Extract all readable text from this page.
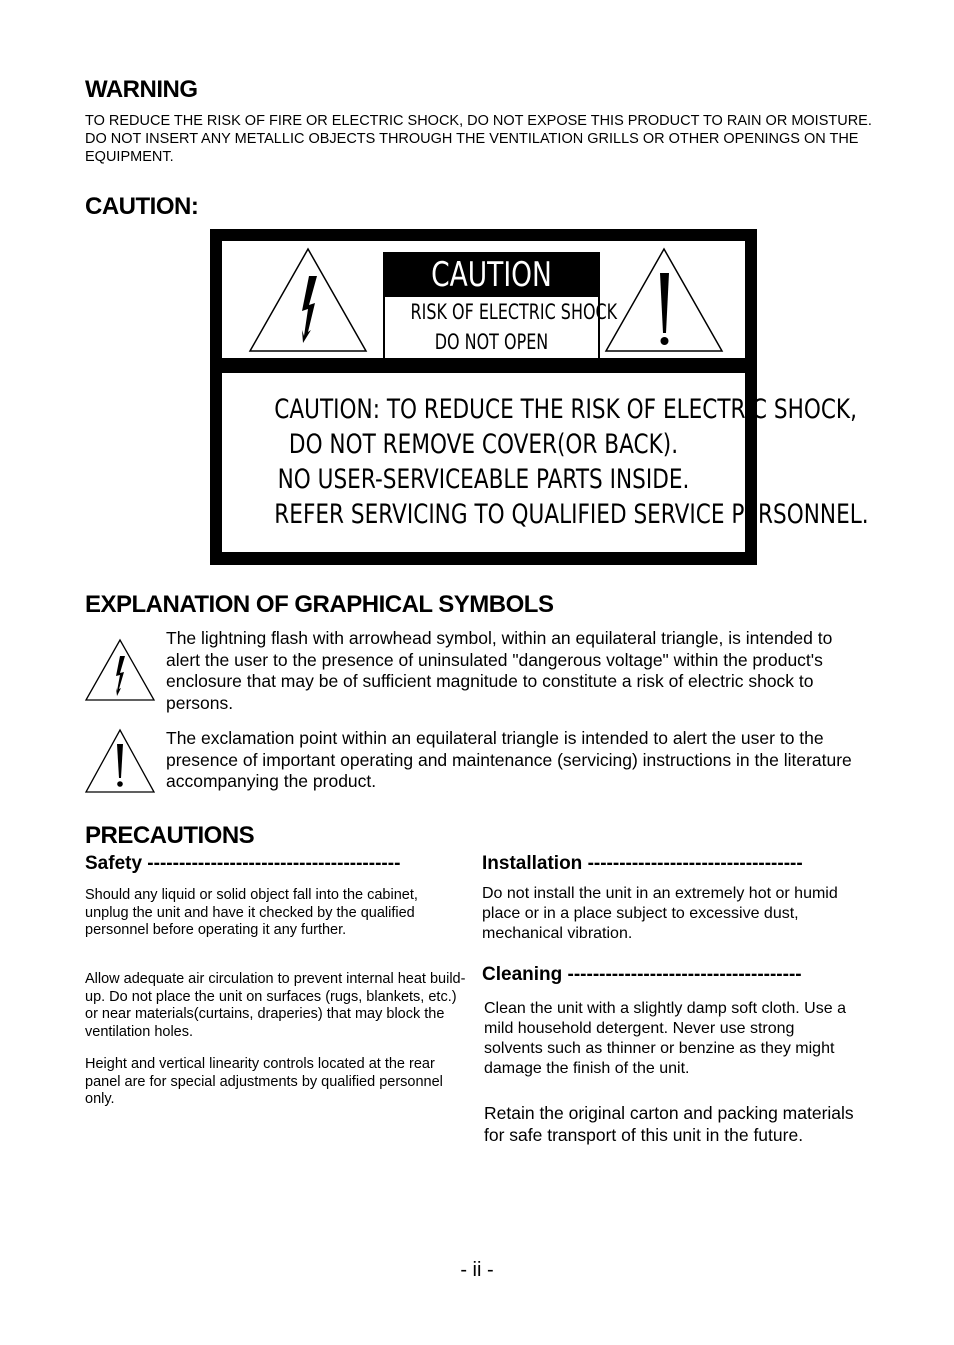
WARNING
TO REDUCE THE RISK OF FIRE OR ELECTRIC SHOCK, DO NOT EXPOSE THIS PRODUCT TO RAIN OR MOISTURE. DO NOT INSERT ANY METALLIC OBJECTS THROUGH THE VENTILATION GRILLS OR OTHER OPENINGS ON THE EQUIPMENT.
CAUTION:
CAUTION
RISK OF ELECTRIC SHOCK
DO NOT OPEN
CAUTION: TO REDUCE THE RISK OF ELECTRIC SHOCK,
DO NOT REMOVE COVER(OR BACK).
NO USER-SERVICEABLE PARTS INSIDE.
REFER SERVICING TO QUALIFIED SERVICE PERSONNEL.
EXPLANATION OF GRAPHICAL SYMBOLS
The lightning flash with arrowhead symbol, within an equilateral triangle, is intended to alert the user to the presence of uninsulated "dangerous voltage" within the product's enclosure that may be of sufficient magnitude to constitute a risk of electric shock to persons.
The exclamation point within an equilateral triangle is intended to alert the user to the presence of important operating and maintenance (servicing) instructions in the literature accompanying the product.
PRECAUTIONS
Safety ----------------------------------------
Should any liquid or solid object fall into the cabinet, unplug the unit and have it checked by the qualified personnel before operating it any further.
Allow adequate air circulation to prevent internal heat build-up. Do not place the unit on surfaces (rugs, blankets, etc.) or near materials(curtains, draperies) that may block the ventilation holes.
Height and vertical linearity controls located at the rear panel are for special adjustments by qualified personnel only.
Installation ----------------------------------
Do not install the unit in an extremely hot or humid place or in a place subject to excessive dust, mechanical vibration.
Cleaning -------------------------------------
Clean the unit with a slightly damp soft cloth. Use a mild household detergent. Never use strong solvents such as thinner or benzine as they might damage the finish of the unit.
Retain the original carton and packing materials for safe transport of this unit in the future.
- ii -
